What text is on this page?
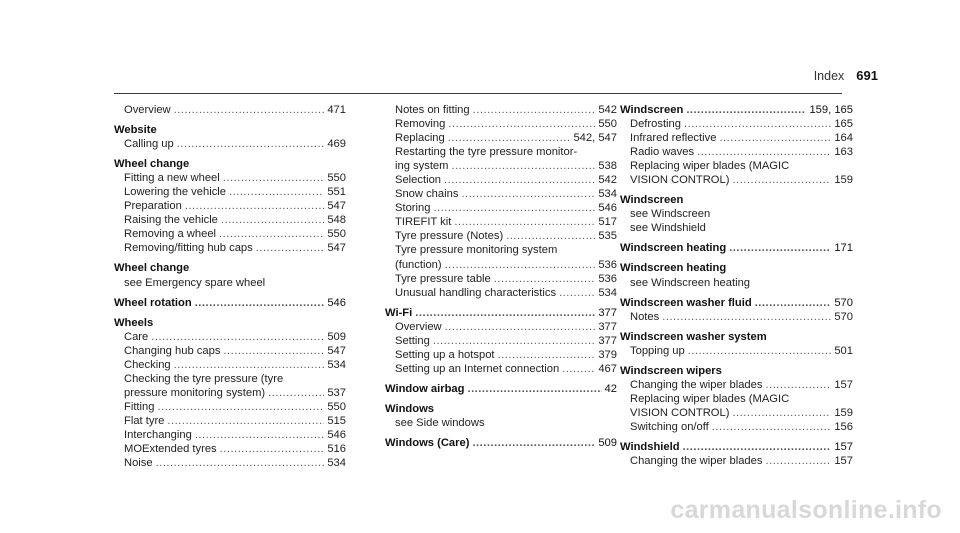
Index 691
Overview .....	471
Website
Calling up .....	469
Wheel change
Fitting a new wheel .....	550
Lowering the vehicle .....	551
Preparation .....	547
Raising the vehicle .....	548
Removing a wheel .....	550
Removing/fitting hub caps .....	547
Wheel change
see Emergency spare wheel
Wheel rotation .....	546
Wheels
Care .....	509
Changing hub caps .....	547
Checking .....	534
Checking the tyre pressure (tyre
pressure monitoring system) .....	537
Fitting .....	550
Flat tyre .....	515
Interchanging .....	546
MOExtended tyres .....	516
Noise .....	534
Notes on fitting .....	542
Removing .....	550
Replacing .....	542, 547
Restarting the tyre pressure monitor-
ing system .....	538
Selection .....	542
Snow chains .....	534
Storing .....	546
TIREFIT kit .....	517
Tyre pressure (Notes) .....	535
Tyre pressure monitoring system
(function) .....	536
Tyre pressure table .....	536
Unusual handling characteristics .....	534
Wi-Fi .....	377
Overview .....	377
Setting .....	377
Setting up a hotspot .....	379
Setting up an Internet connection .....	467
Window airbag .....	42
Windows
see Side windows
Windows (Care) .....	509
Windscreen .....	159, 165
Defrosting .....	165
Infrared reflective .....	164
Radio waves .....	163
Replacing wiper blades (MAGIC
VISION CONTROL) .....	159
Windscreen
see Windscreen
see Windshield
Windscreen heating .....	171
Windscreen heating
see Windscreen heating
Windscreen washer fluid .....	570
Notes .....	570
Windscreen washer system
Topping up .....	501
Windscreen wipers
Changing the wiper blades .....	157
Replacing wiper blades (MAGIC
VISION CONTROL) .....	159
Switching on/off .....	156
Windshield .....	157
Changing the wiper blades .....	157
carmanualsonline.info
